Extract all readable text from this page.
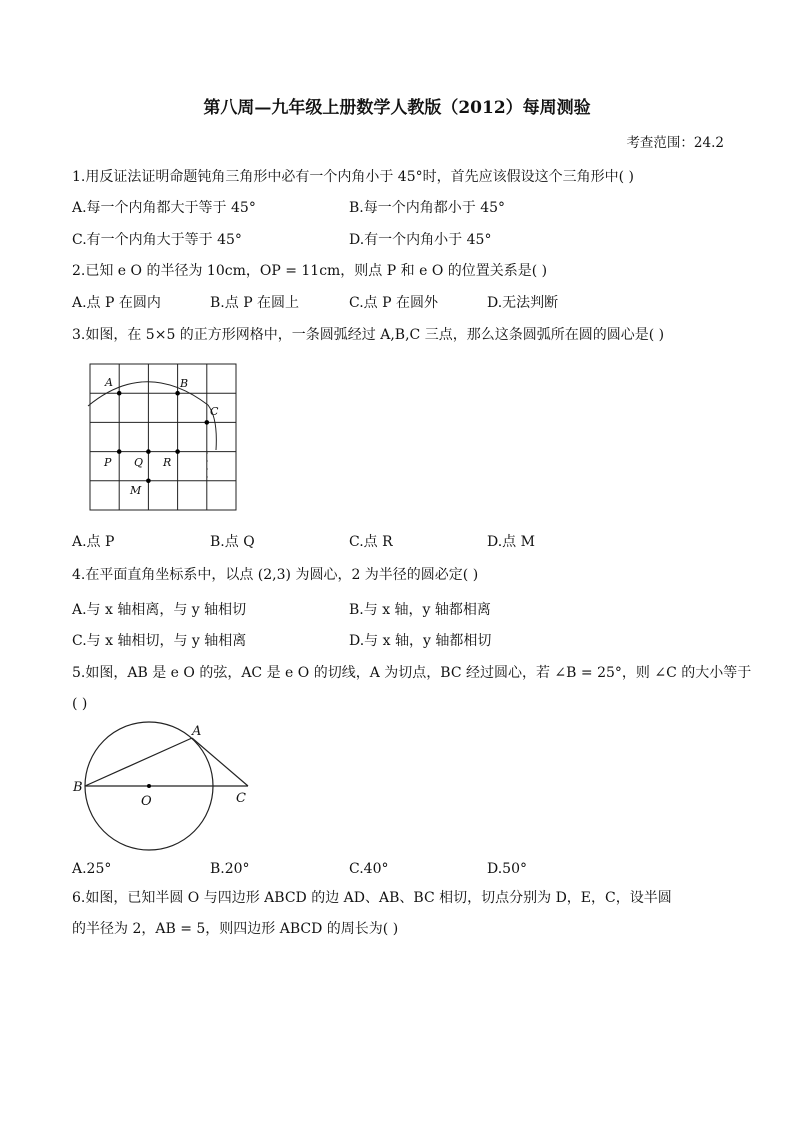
第八周—九年级上册数学人教版（2012）每周测验
考查范围：24.2
1.用反证法证明命题钝角三角形中必有一个内角小于 45°时，首先应该假设这个三角形中( )
A.每一个内角都大于等于 45°	B.每一个内角都小于 45°
C.有一个内角大于等于 45°	D.有一个内角小于 45°
2.已知 e O 的半径为 10cm，OP = 11cm，则点 P 和 e O 的位置关系是( )
A.点 P 在圆内	B.点 P 在圆上	C.点 P 在圆外	D.无法判断
3.如图，在 5×5 的正方形网格中，一条圆弧经过 A,B,C 三点，那么这条圆弧所在圆的圆心是( )
A	B
C
P Q R
M
A.点 P	B.点 Q	C.点 R	D.点 M
4.在平面直角坐标系中，以点 (2,3) 为圆心，2 为半径的圆必定( )
A.与 x 轴相离，与 y 轴相切	B.与 x 轴，y 轴都相离
C.与 x 轴相切，与 y 轴相离	D.与 x 轴，y 轴都相切
5.如图，AB 是 e O 的弦，AC 是 e O 的切线，A 为切点，BC 经过圆心，若 ∠B = 25°，则 ∠C 的大小等于
( )
A
B
C
O
A.25°	B.20°	C.40°	D.50°
6.如图，已知半圆 O 与四边形 ABCD 的边 AD、AB、BC 相切，切点分别为 D，E，C，设半圆
的半径为 2，AB = 5，则四边形 ABCD 的周长为( )
